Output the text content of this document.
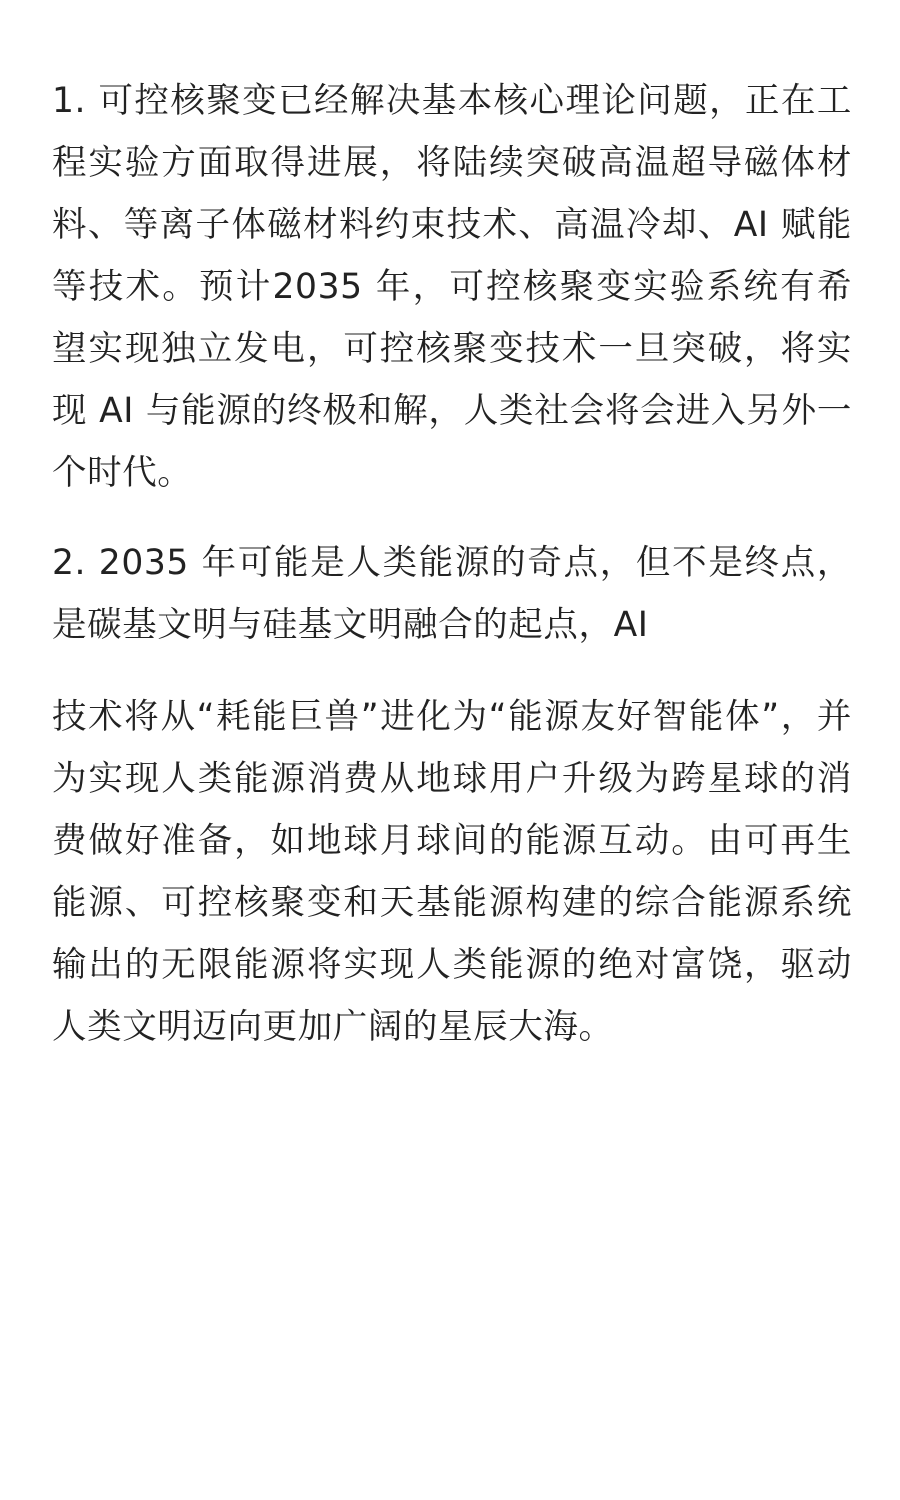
1. 可控核聚变已经解决基本核心理论问题，正在工程实验方面取得进展，将陆续突破高温超导磁体材料、等离子体磁材料约束技术、高温冷却、AI 赋能等技术。预计2035 年，可控核聚变实验系统有希望实现独立发电，可控核聚变技术一旦突破，将实现 AI 与能源的终极和解，人类社会将会进入另外一个时代。

2. 2035 年可能是人类能源的奇点，但不是终点，是碳基文明与硅基文明融合的起点，AI

技术将从“耗能巨兽”进化为“能源友好智能体”，并为实现人类能源消费从地球用户升级为跨星球的消费做好准备，如地球月球间的能源互动。由可再生能源、可控核聚变和天基能源构建的综合能源系统输出的无限能源将实现人类能源的绝对富饶，驱动人类文明迈向更加广阔的星辰大海。
